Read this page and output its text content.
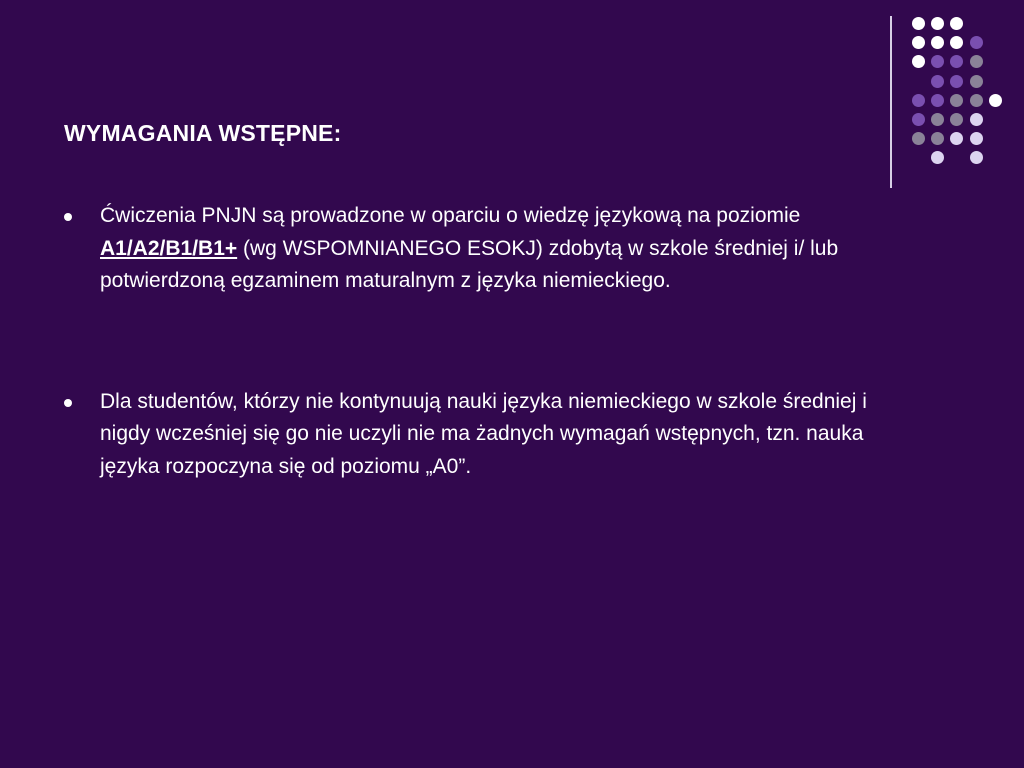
WYMAGANIA WSTĘPNE:
Ćwiczenia PNJN są prowadzone w oparciu o wiedzę językową na poziomie A1/A2/B1/B1+ (wg WSPOMNIANEGO ESOKJ) zdobytą w szkole średniej i/ lub potwierdzoną egzaminem maturalnym z języka niemieckiego.
Dla studentów, którzy nie kontynuują nauki języka niemieckiego w szkole średniej i nigdy wcześniej się go nie uczyli nie ma żadnych wymagań wstępnych, tzn. nauka języka rozpoczyna się od poziomu „A0”.
